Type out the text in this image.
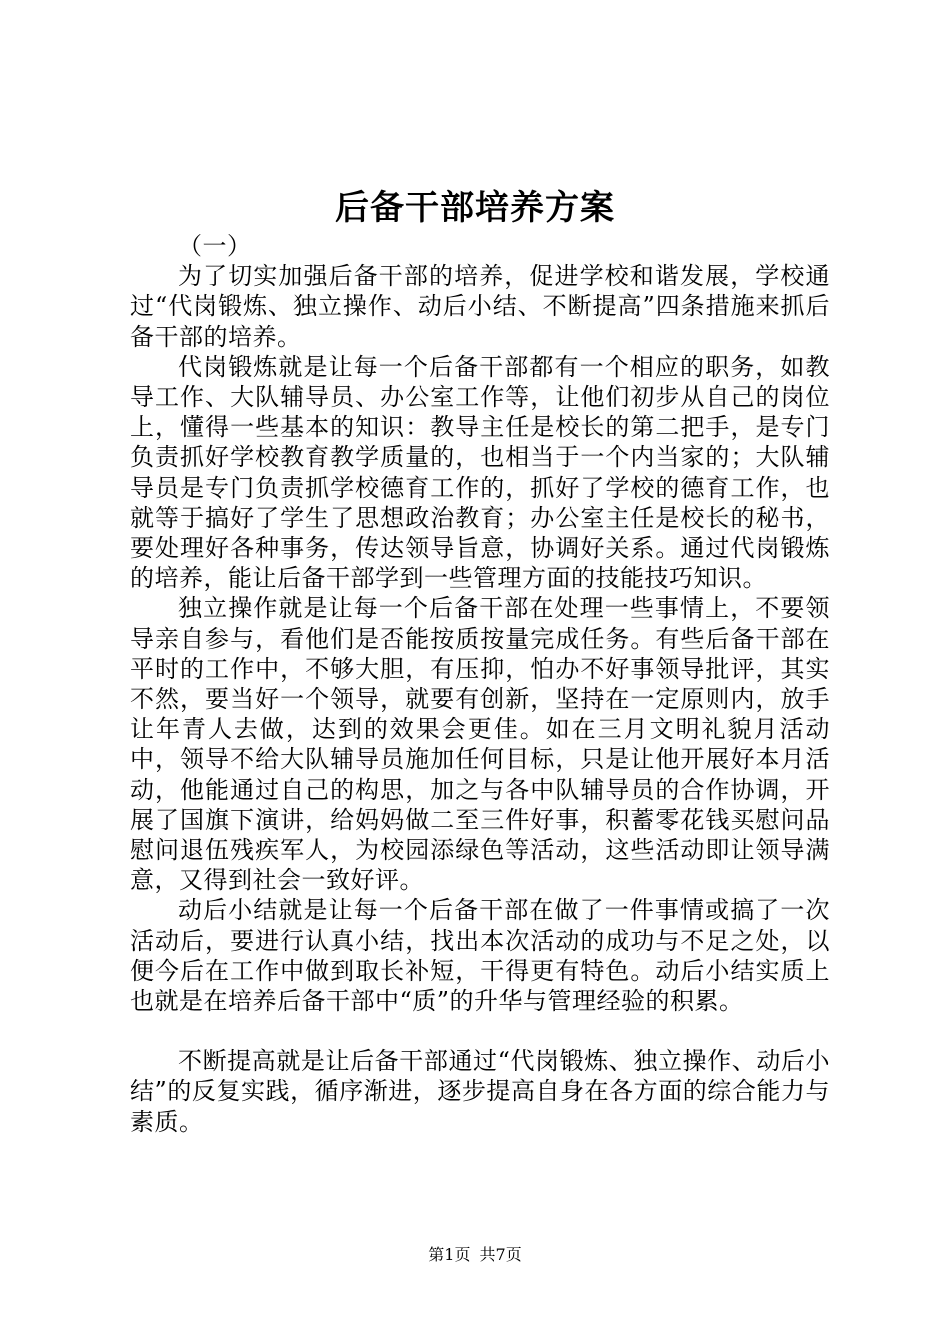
后备干部培养方案

（一）

为了切实加强后备干部的培养，促进学校和谐发展，学校通过“代岗锻炼、独立操作、动后小结、不断提高”四条措施来抓后备干部的培养。

代岗锻炼就是让每一个后备干部都有一个相应的职务，如教导工作、大队辅导员、办公室工作等，让他们初步从自己的岗位上，懂得一些基本的知识：教导主任是校长的第二把手，是专门负责抓好学校教育教学质量的，也相当于一个内当家的；大队辅导员是专门负责抓学校德育工作的，抓好了学校的德育工作，也就等于搞好了学生了思想政治教育；办公室主任是校长的秘书，要处理好各种事务，传达领导旨意，协调好关系。通过代岗锻炼的培养，能让后备干部学到一些管理方面的技能技巧知识。

独立操作就是让每一个后备干部在处理一些事情上，不要领导亲自参与，看他们是否能按质按量完成任务。有些后备干部在平时的工作中，不够大胆，有压抑，怕办不好事领导批评，其实不然，要当好一个领导，就要有创新，坚持在一定原则内，放手让年青人去做，达到的效果会更佳。如在三月文明礼貌月活动中，领导不给大队辅导员施加任何目标，只是让他开展好本月活动，他能通过自己的构思，加之与各中队辅导员的合作协调，开展了国旗下演讲，给妈妈做二至三件好事，积蓄零花钱买慰问品慰问退伍残疾军人，为校园添绿色等活动，这些活动即让领导满意，又得到社会一致好评。

动后小结就是让每一个后备干部在做了一件事情或搞了一次活动后，要进行认真小结，找出本次活动的成功与不足之处，以便今后在工作中做到取长补短，干得更有特色。动后小结实质上也就是在培养后备干部中“质”的升华与管理经验的积累。

不断提高就是让后备干部通过“代岗锻炼、独立操作、动后小结”的反复实践，循序渐进，逐步提高自身在各方面的综合能力与素质。

第1页 共7页
